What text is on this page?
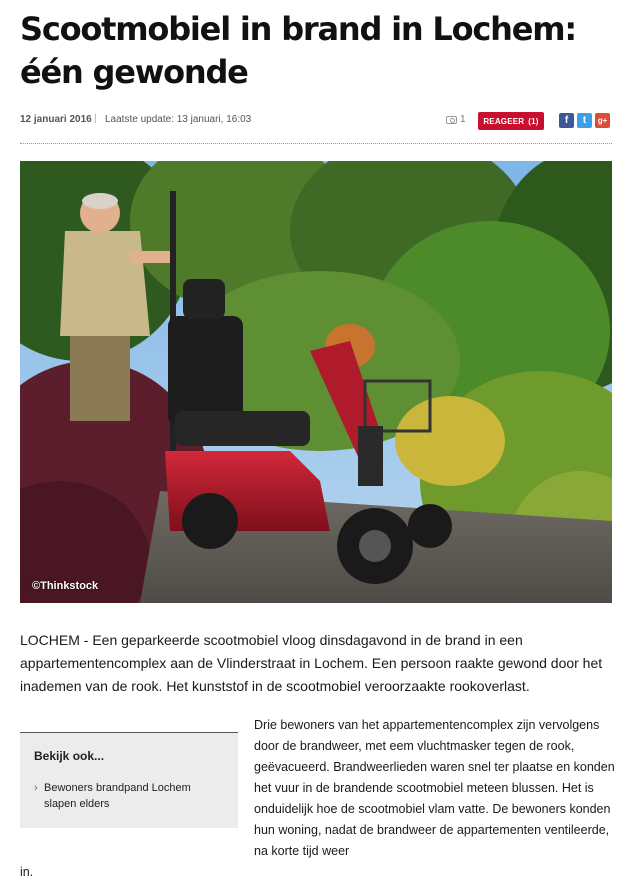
Scootmobiel in brand in Lochem: één gewonde
12 januari 2016 | Laatste update: 13 januari, 16:03	1 REAGEER (1)	f	t	g+
©Thinkstock

LOCHEM - Een geparkeerde scootmobiel vloog dinsdagavond in de brand in een appartementencomplex aan de Vlinderstraat in Lochem. Een persoon raakte gewond door het inademen van de rook. Het kunststof in de scootmobiel veroorzaakte rookoverlast.

Bekijk ook...
› Bewoners brandpand Lochem slapen elders

Drie bewoners van het appartementencomplex zijn vervolgens door de brandweer, met eem vluchtmasker tegen de rook, geëvacueerd. Brandweerlieden waren snel ter plaatse en konden het vuur in de brandende scootmobiel meteen blussen. Het is onduidelijk hoe de scootmobiel vlam vatte. De bewoners konden hun woning, nadat de brandweer de appartementen ventileerde, na korte tijd weer

in.
